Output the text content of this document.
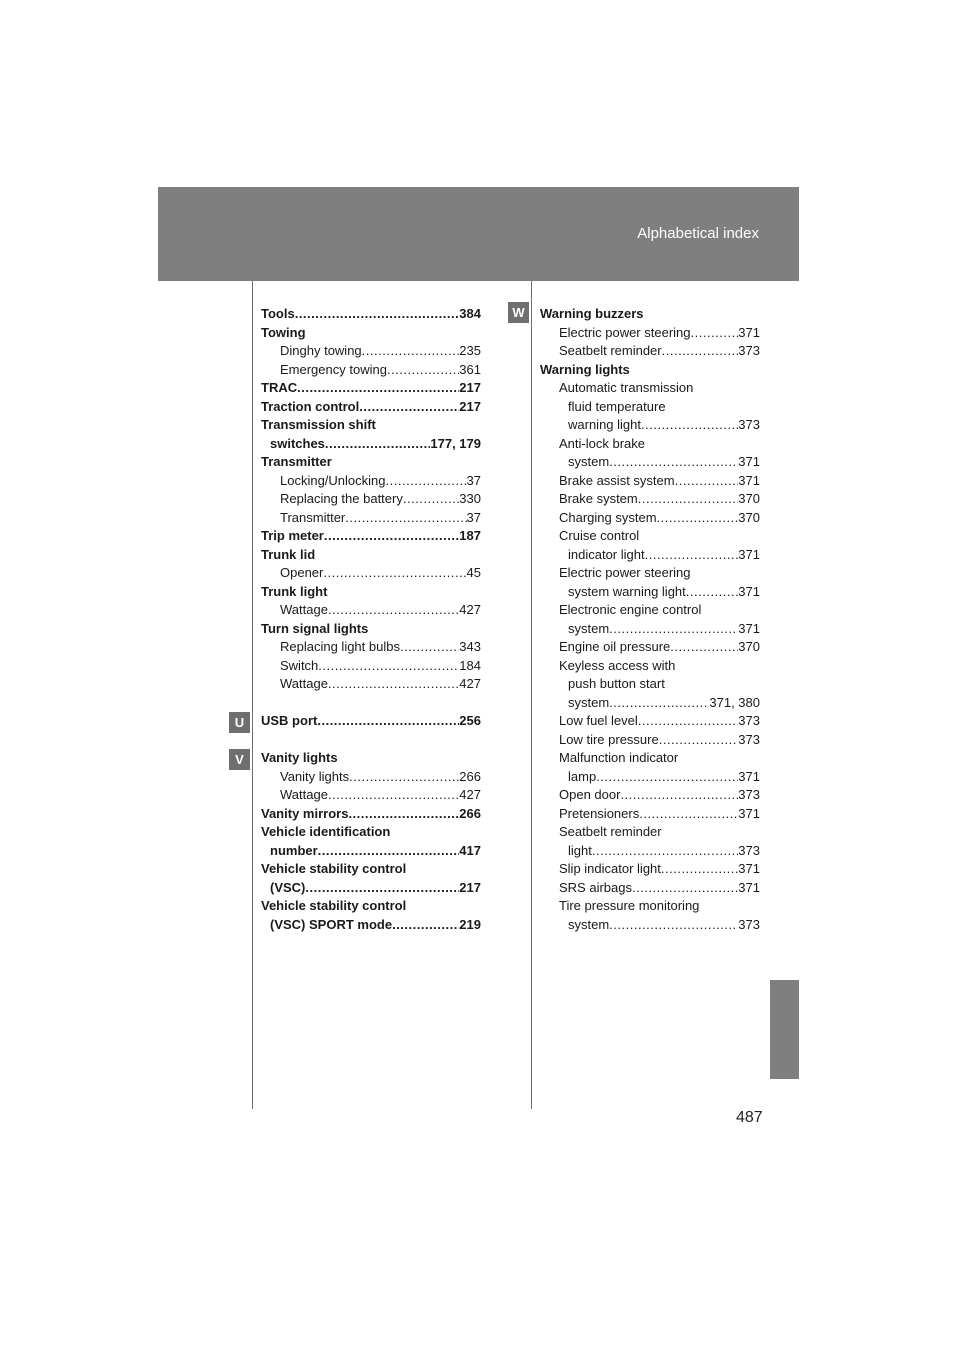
Alphabetical index
U
V
W
Tools .....	384
Towing
Dinghy towing .....	235
Emergency towing .....	361
TRAC .....	217
Traction control .....	217
Transmission shift
switches .....	177, 179
Transmitter
Locking/Unlocking .....	37
Replacing the battery .....	330
Transmitter .....	37
Trip meter .....	187
Trunk lid
Opener .....	45
Trunk light
Wattage .....	427
Turn signal lights
Replacing light bulbs .....	343
Switch .....	184
Wattage .....	427
USB port .....	256
Vanity lights
Vanity lights .....	266
Wattage .....	427
Vanity mirrors .....	266
Vehicle identification
number .....	417
Vehicle stability control
(VSC) .....	217
Vehicle stability control
(VSC) SPORT mode .....	219
Warning buzzers
Electric power steering .....	371
Seatbelt reminder .....	373
Warning lights
Automatic transmission
fluid temperature
warning light .....	373
Anti-lock brake
system .....	371
Brake assist system .....	371
Brake system .....	370
Charging system .....	370
Cruise control
indicator light .....	371
Electric power steering
system warning light .....	371
Electronic engine control
system .....	371
Engine oil pressure .....	370
Keyless access with
push button start
system .....	371, 380
Low fuel level .....	373
Low tire pressure .....	373
Malfunction indicator
lamp .....	371
Open door .....	373
Pretensioners .....	371
Seatbelt reminder
light .....	373
Slip indicator light .....	371
SRS airbags .....	371
Tire pressure monitoring
system .....	373
487
